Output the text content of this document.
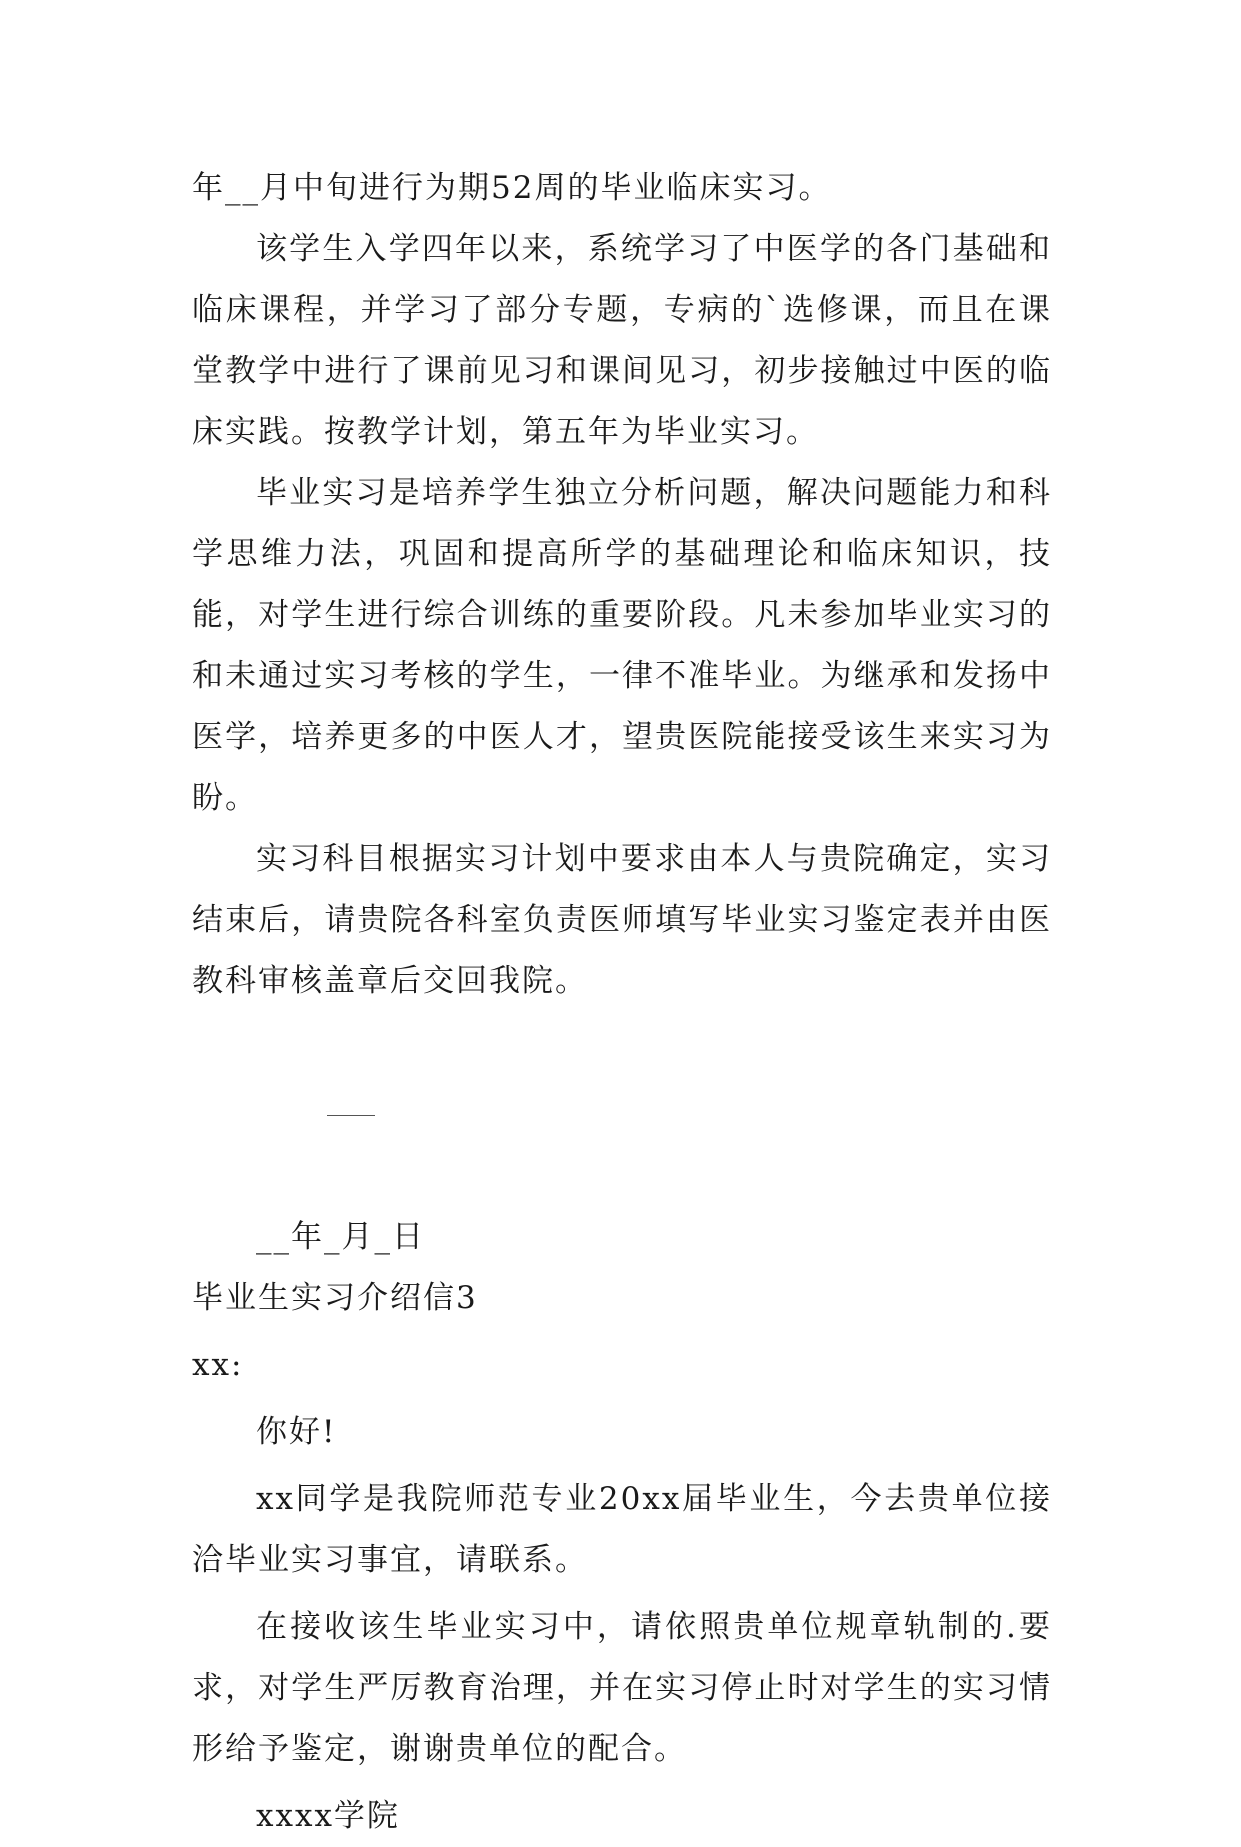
年__月中旬进行为期52周的毕业临床实习。

该学生入学四年以来，系统学习了中医学的各门基础和临床课程，并学习了部分专题，专病的`选修课，而且在课堂教学中进行了课前见习和课间见习，初步接触过中医的临床实践。按教学计划，第五年为毕业实习。

毕业实习是培养学生独立分析问题，解决问题能力和科学思维力法，巩固和提高所学的基础理论和临床知识，技能，对学生进行综合训练的重要阶段。凡未参加毕业实习的和未通过实习考核的学生，一律不准毕业。为继承和发扬中医学，培养更多的中医人才，望贵医院能接受该生来实习为盼。

实习科目根据实习计划中要求由本人与贵院确定，实习结束后，请贵院各科室负责医师填写毕业实习鉴定表并由医教科审核盖章后交回我院。

__年_月_日

毕业生实习介绍信3

xx:

你好!

xx同学是我院师范专业20xx届毕业生，今去贵单位接洽毕业实习事宜，请联系。

在接收该生毕业实习中，请依照贵单位规章轨制的.要求，对学生严厉教育治理，并在实习停止时对学生的实习情形给予鉴定，谢谢贵单位的配合。

xxxx学院
